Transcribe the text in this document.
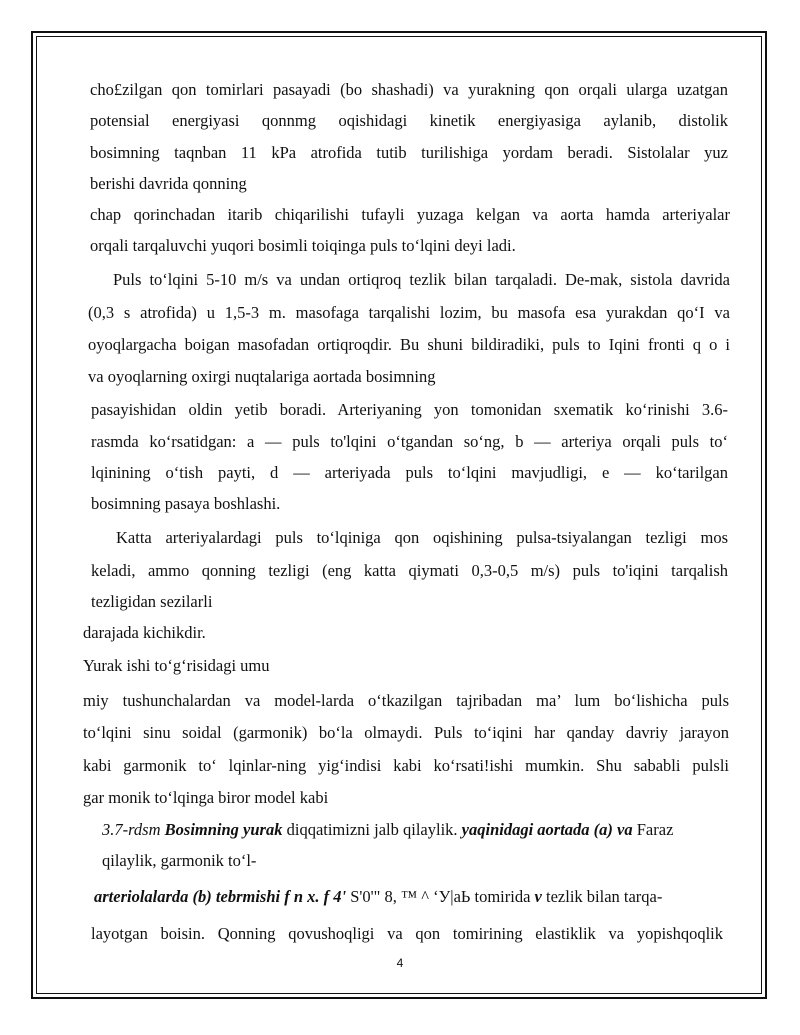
cho£zilgan qon tomirlari pasayadi (bo shashadi) va yurakning qon orqali ularga uzatgan
potensial energiyasi qonnmg oqishidagi kinetik energiyasiga aylanib, distolik
bosimning taqnban 11 kPa atrofida tutib turilishiga yordam beradi. Sistolalar yuz
berishi davrida qonning
chap qorinchadan itarib chiqarilishi tufayli yuzaga kelgan va aorta hamda arteriyalar
orqali tarqaluvchi yuqori bosimli toiqinga puls to‘lqini deyi ladi.
Puls to‘lqini 5-10 m/s va undan ortiqroq tezlik bilan tarqaladi. De-mak, sistola davrida
(0,3 s atrofida) u 1,5-3 m. masofaga tarqalishi lozim, bu masofa esa yurakdan qo‘I va
oyoqlargacha boigan masofadan ortiqroqdir. Bu shuni bildiradiki, puls to Iqini fronti q o i
va oyoqlarning oxirgi nuqtalariga aortada bosimning
pasayishidan oldin yetib boradi. Arteriyaning yon tomonidan sxematik ko‘rinishi 3.6-
rasmda ko‘rsatidgan: a — puls to'lqini o‘tgandan so‘ng, b — arteriya orqali puls to‘
lqinining o‘tish payti, d — arteriyada puls to‘lqini mavjudligi, e — ko‘tarilgan
bosimning pasaya boshlashi.
Katta arteriyalardagi puls to‘lqiniga qon oqishining pulsa-tsiyalangan tezligi mos
keladi, ammo qonning tezligi (eng katta qiymati 0,3-0,5 m/s) puls to'iqini tarqalish
tezligidan sezilarli
darajada kichikdir.
Yurak ishi to‘g‘risidagi umu
miy tushunchalardan va model-larda o‘tkazilgan tajribadan ma’ lum bo‘lishicha puls
to‘lqini sinu soidal (garmonik) bo‘la olmaydi. Puls to‘iqini har qanday davriy jarayon
kabi garmonik to‘ lqinlar-ning yig‘indisi kabi ko‘rsati!ishi mumkin. Shu sababli pulsli
gar monik to‘lqinga biror model kabi
3.7-rdsm Bosimning yurak diqqatimizni jalb qilaylik. yaqinidagi aortada (a) va Faraz
qilaylik, garmonik to‘l-
arteriolalarda (b) tebrmishi f n x. f 4' S'0'" 8, ™ ^ ‘У|аЬ tomirida v tezlik bilan tarqa-
layotgan boisin. Qonning qovushoqligi va qon tomirining elastiklik va yopishqoqlik
4
